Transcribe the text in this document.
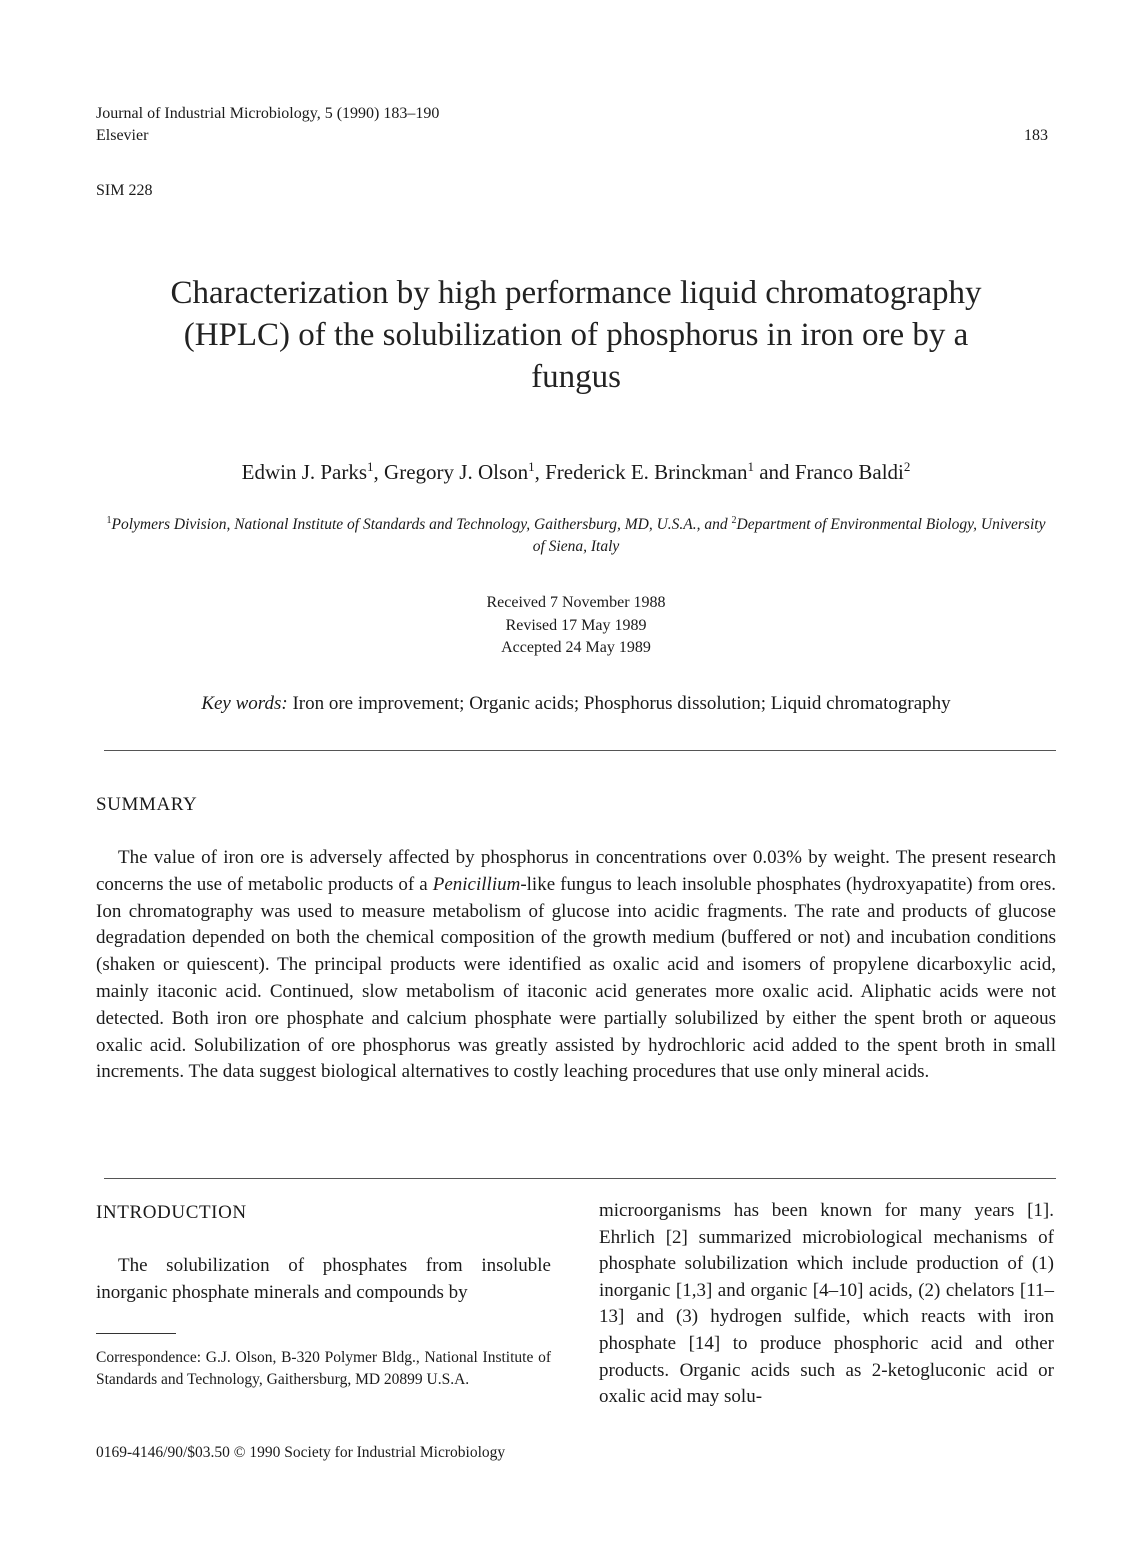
Journal of Industrial Microbiology, 5 (1990) 183–190
Elsevier	183
SIM 228
Characterization by high performance liquid chromatography
(HPLC) of the solubilization of phosphorus in iron ore by a
fungus
Edwin J. Parks$^1$, Gregory J. Olson$^1$, Frederick E. Brinckman$^1$ and Franco Baldi$^2$
$^1$Polymers Division, National Institute of Standards and Technology, Gaithersburg, MD, U.S.A., and $^2$Department of Environmental Biology, University of Siena, Italy
Received 7 November 1988
Revised 17 May 1989
Accepted 24 May 1989
Key words: Iron ore improvement; Organic acids; Phosphorus dissolution; Liquid chromatography
SUMMARY

The value of iron ore is adversely affected by phosphorus in concentrations over 0.03% by weight. The present research concerns the use of metabolic products of a Penicillium-like fungus to leach insoluble phosphates (hydroxyapatite) from ores. Ion chromatography was used to measure metabolism of glucose into acidic fragments. The rate and products of glucose degradation depended on both the chemical composition of the growth medium (buffered or not) and incubation conditions (shaken or quiescent). The principal products were identified as oxalic acid and isomers of propylene dicarboxylic acid, mainly itaconic acid. Continued, slow metabolism of itaconic acid generates more oxalic acid. Aliphatic acids were not detected. Both iron ore phosphate and calcium phosphate were partially solubilized by either the spent broth or aqueous oxalic acid. Solubilization of ore phosphorus was greatly assisted by hydrochloric acid added to the spent broth in small increments. The data suggest biological alternatives to costly leaching procedures that use only mineral acids.

INTRODUCTION

The solubilization of phosphates from insoluble inorganic phosphate minerals and compounds by

Correspondence: G.J. Olson, B-320 Polymer Bldg., National Institute of Standards and Technology, Gaithersburg, MD 20899 U.S.A.

0169-4146/90/$03.50 © 1990 Society for Industrial Microbiology

microorganisms has been known for many years [1]. Ehrlich [2] summarized microbiological mechanisms of phosphate solubilization which include production of (1) inorganic [1,3] and organic [4–10] acids, (2) chelators [11–13] and (3) hydrogen sulfide, which reacts with iron phosphate [14] to produce phosphoric acid and other products. Organic acids such as 2-ketogluconic acid or oxalic acid may solu-
